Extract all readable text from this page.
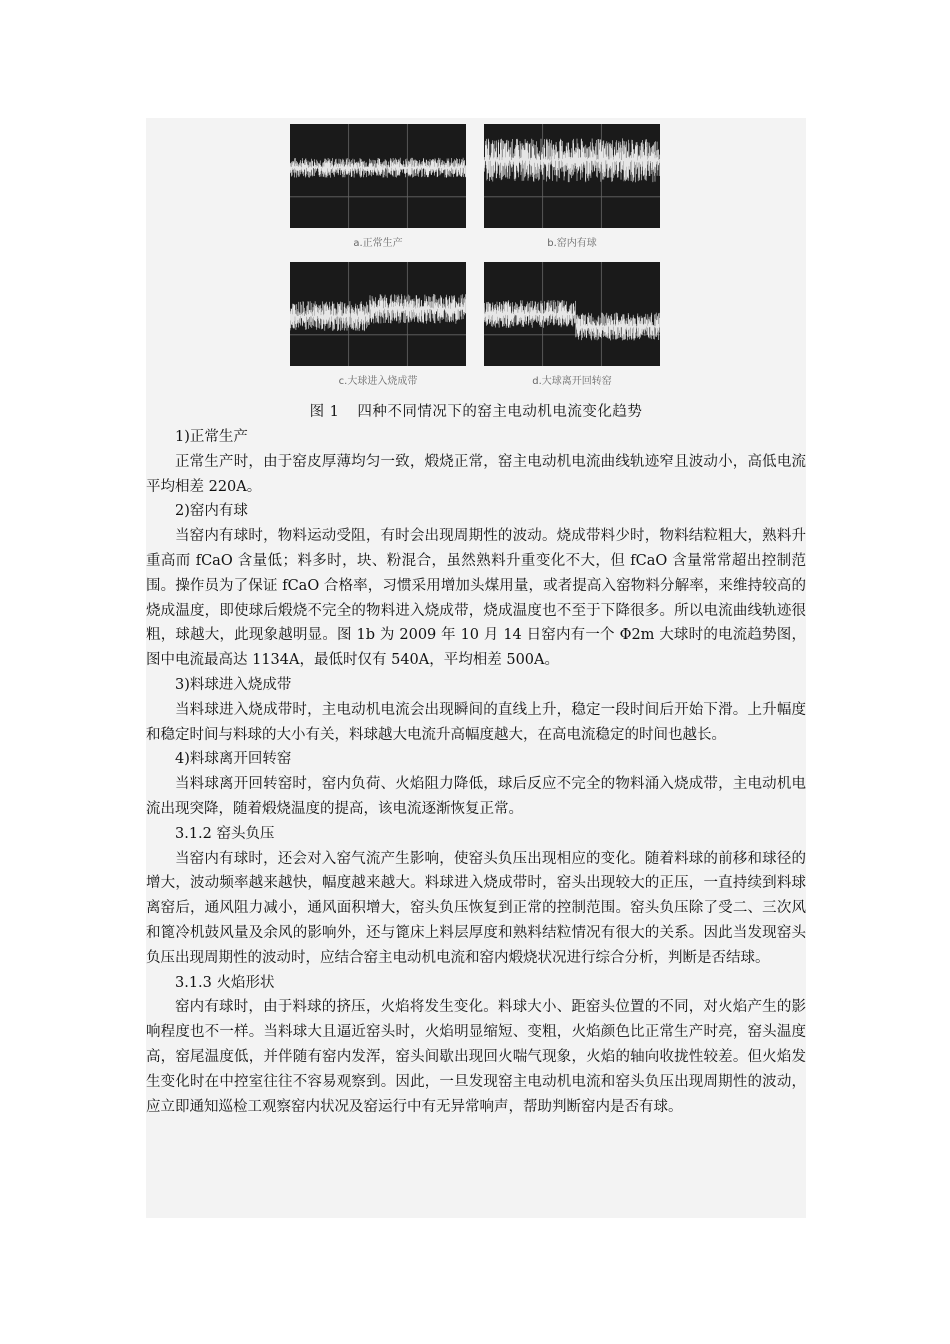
a.正常生产	b.窑内有球
c.大球进入烧成带	d.大球离开回转窑
图 1 四种不同情况下的窑主电动机电流变化趋势

1)正常生产

正常生产时，由于窑皮厚薄均匀一致，煅烧正常，窑主电动机电流曲线轨迹窄且波动小，高低电流平均相差 220A。

2)窑内有球

当窑内有球时，物料运动受阻，有时会出现周期性的波动。烧成带料少时，物料结粒粗大，熟料升重高而 fCaO 含量低；料多时，块、粉混合，虽然熟料升重变化不大，但 fCaO 含量常常超出控制范围。操作员为了保证 fCaO 合格率，习惯采用增加头煤用量，或者提高入窑物料分解率，来维持较高的烧成温度，即使球后煅烧不完全的物料进入烧成带，烧成温度也不至于下降很多。所以电流曲线轨迹很粗，球越大，此现象越明显。图 1b 为 2009 年 10 月 14 日窑内有一个 Φ2m 大球时的电流趋势图，图中电流最高达 1134A，最低时仅有 540A，平均相差 500A。

3)料球进入烧成带

当料球进入烧成带时，主电动机电流会出现瞬间的直线上升，稳定一段时间后开始下滑。上升幅度和稳定时间与料球的大小有关，料球越大电流升高幅度越大，在高电流稳定的时间也越长。

4)料球离开回转窑

当料球离开回转窑时，窑内负荷、火焰阻力降低，球后反应不完全的物料涌入烧成带，主电动机电流出现突降，随着煅烧温度的提高，该电流逐渐恢复正常。

3.1.2 窑头负压

当窑内有球时，还会对入窑气流产生影响，使窑头负压出现相应的变化。随着料球的前移和球径的增大，波动频率越来越快，幅度越来越大。料球进入烧成带时，窑头出现较大的正压，一直持续到料球离窑后，通风阻力减小，通风面积增大，窑头负压恢复到正常的控制范围。窑头负压除了受二、三次风和篦冷机鼓风量及余风的影响外，还与篦床上料层厚度和熟料结粒情况有很大的关系。因此当发现窑头负压出现周期性的波动时，应结合窑主电动机电流和窑内煅烧状况进行综合分析，判断是否结球。

3.1.3 火焰形状

窑内有球时，由于料球的挤压，火焰将发生变化。料球大小、距窑头位置的不同，对火焰产生的影响程度也不一样。当料球大且逼近窑头时，火焰明显缩短、变粗，火焰颜色比正常生产时亮，窑头温度高，窑尾温度低，并伴随有窑内发浑，窑头间歇出现回火喘气现象，火焰的轴向收拢性较差。但火焰发生变化时在中控室往往不容易观察到。因此，一旦发现窑主电动机电流和窑头负压出现周期性的波动，应立即通知巡检工观察窑内状况及窑运行中有无异常响声，帮助判断窑内是否有球。
